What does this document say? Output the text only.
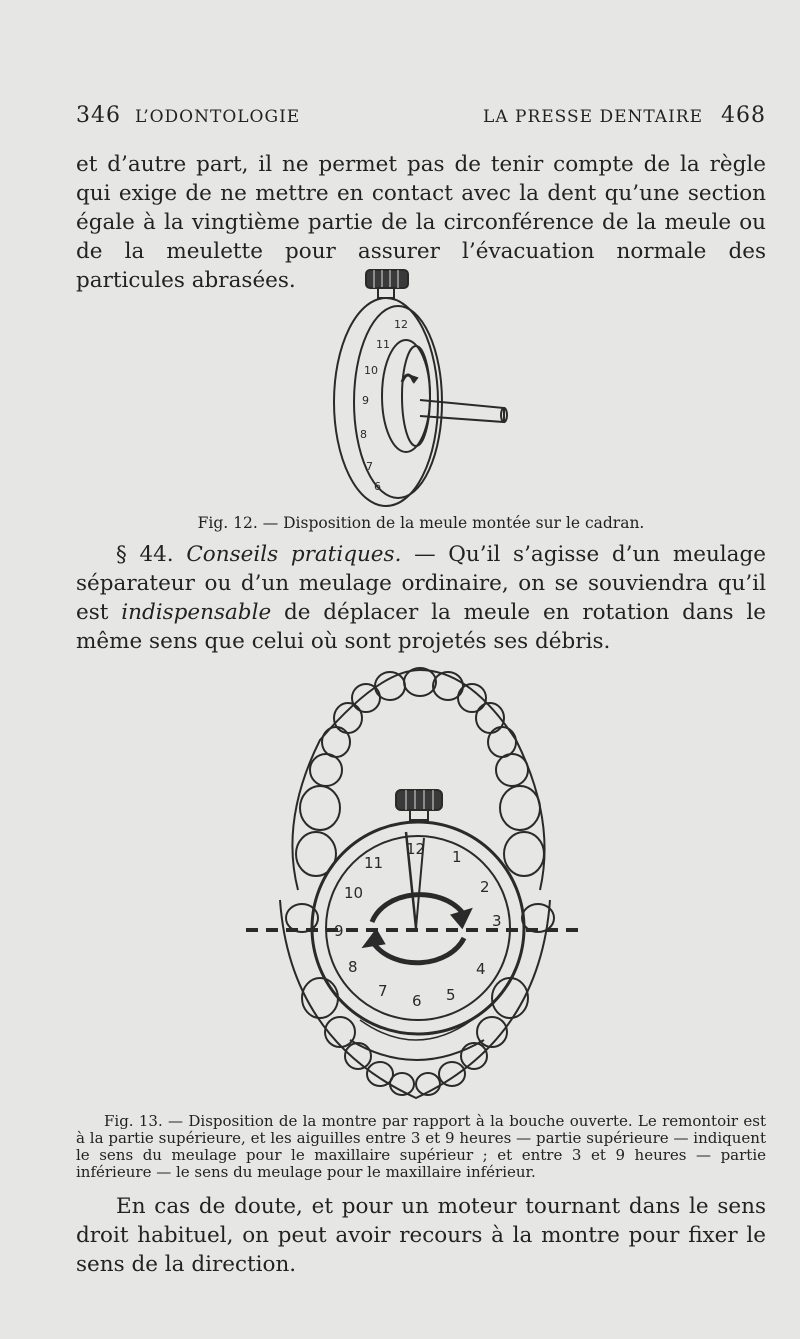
346 L’ODONTOLOGIE	LA PRESSE DENTAIRE 468
et d’autre part, il ne permet pas de tenir compte de la règle qui exige de ne mettre en contact avec la dent qu’une section égale à la vingtième partie de la circonférence de la meule ou de la meulette pour assurer l’évacuation normale des particules abrasées.
12
11
10
9
8
7
6
Fig. 12. — Disposition de la meule montée sur le cadran.
§ 44. Conseils pratiques. — Qu’il s’agisse d’un meulage séparateur ou d’un meulage ordinaire, on se souviendra qu’il est indispensable de déplacer la meule en rotation dans le même sens que celui où sont projetés ses débris.
12 1
2
3
4
5
6
7
8
9
10
11
Fig. 13. — Disposition de la montre par rapport à la bouche ouverte. Le remontoir est à la partie supérieure, et les aiguilles entre 3 et 9 heures — partie supérieure — indiquent le sens du meulage pour le maxillaire supérieur ; et entre 3 et 9 heures — partie inférieure — le sens du meulage pour le maxillaire inférieur.
En cas de doute, et pour un moteur tournant dans le sens droit habituel, on peut avoir recours à la montre pour fixer le sens de la direction.
